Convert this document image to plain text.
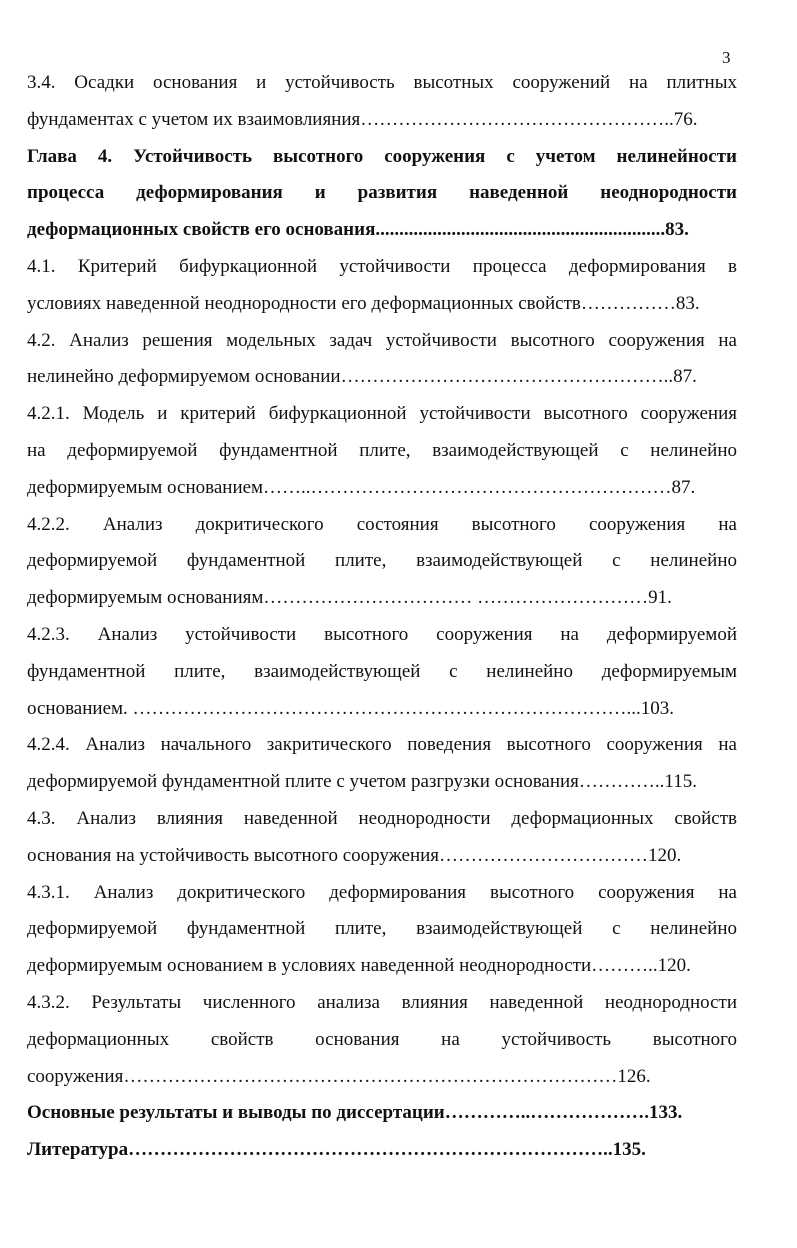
3
3.4. Осадки основания и устойчивость высотных сооружений на плитных
фундаментах с учетом их взаимовлияния…………………………………………..76.
Глава 4. Устойчивость высотного сооружения с учетом нелинейности
процесса деформирования и развития наведенной неоднородности
деформационных свойств его основания.............................................................83.
4.1. Критерий бифуркационной устойчивости процесса деформирования в
условиях наведенной неоднородности его деформационных свойств……………83.
4.2. Анализ решения модельных задач устойчивости высотного сооружения на
нелинейно деформируемом основании……………………………………………..87.
4.2.1. Модель и критерий бифуркационной устойчивости высотного сооружения
на деформируемой фундаментной плите, взаимодействующей с нелинейно
деформируемым основанием……..…………………………………………………87.
4.2.2. Анализ докритического состояния высотного сооружения на
деформируемой фундаментной плите, взаимодействующей с нелинейно
деформируемым основаниям…………………………… ………………………91.
4.2.3. Анализ устойчивости высотного сооружения на деформируемой
фундаментной плите, взаимодействующей с нелинейно деформируемым
основанием. ……………………………………………………………………...103.
4.2.4. Анализ начального закритического поведения высотного сооружения на
деформируемой фундаментной плите с учетом разгрузки основания…………..115.
4.3. Анализ влияния наведенной неоднородности деформационных свойств
основания на устойчивость высотного сооружения……………………………120.
4.3.1. Анализ докритического деформирования высотного сооружения на
деформируемой фундаментной плите, взаимодействующей с нелинейно
деформируемым основанием в условиях наведенной неоднородности………..120.
4.3.2. Результаты численного анализа влияния наведенной неоднородности
деформационных свойств основания на устойчивость высотного
сооружения……………………………………………………………………126.
Основные результаты и выводы по диссертации…………..……………….133.
Литература…………………………………………………………………..135.
